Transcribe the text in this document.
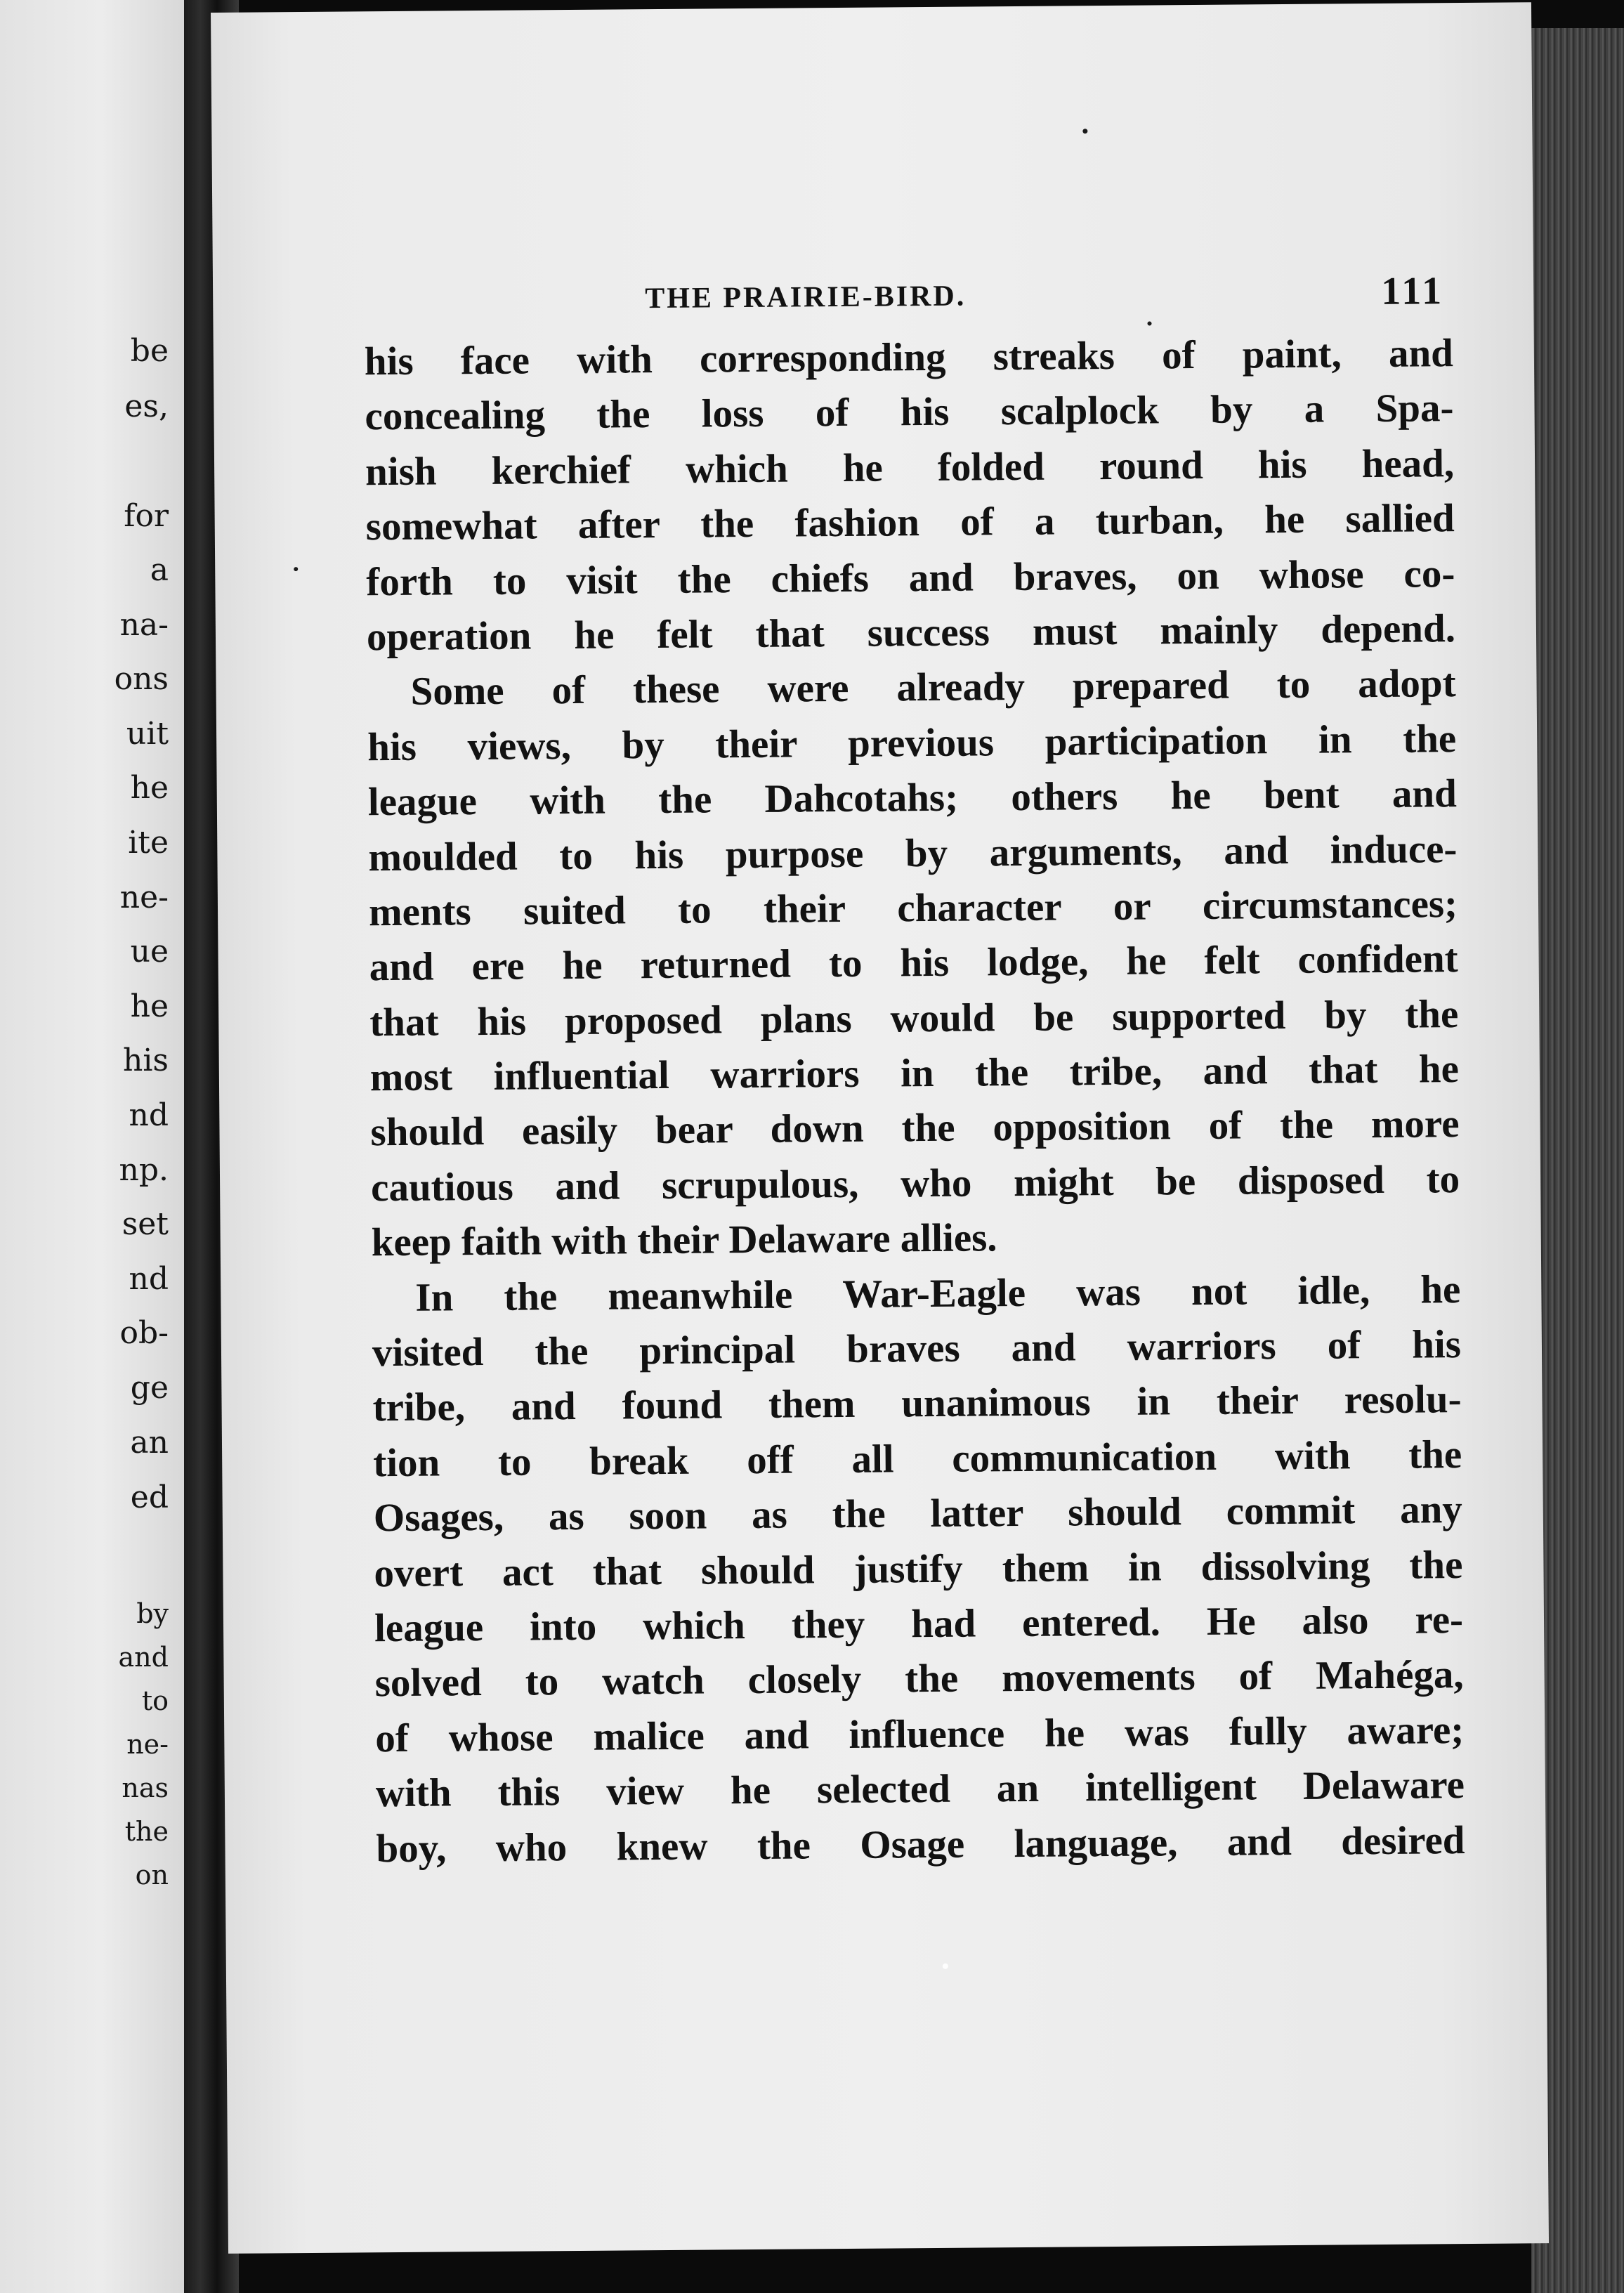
be
es,
for
a
na-
ons
uit
he
ite
ne-
ue
he
his
nd
np.
set
nd
ob-
ge
an
ed
by
and
to
ne-
nas
the
on
THE PRAIRIE-BIRD.	111
his face with corresponding streaks of paint, and
concealing the loss of his scalplock by a Spa-
nish kerchief which he folded round his head,
somewhat after the fashion of a turban, he sallied
forth to visit the chiefs and braves, on whose co-
operation he felt that success must mainly depend.
Some of these were already prepared to adopt
his views, by their previous participation in the
league with the Dahcotahs; others he bent and
moulded to his purpose by arguments, and induce-
ments suited to their character or circumstances;
and ere he returned to his lodge, he felt confident
that his proposed plans would be supported by the
most influential warriors in the tribe, and that he
should easily bear down the opposition of the more
cautious and scrupulous, who might be disposed to
keep faith with their Delaware allies.
In the meanwhile War-Eagle was not idle, he
visited the principal braves and warriors of his
tribe, and found them unanimous in their resolu-
tion to break off all communication with the
Osages, as soon as the latter should commit any
overt act that should justify them in dissolving the
league into which they had entered. He also re-
solved to watch closely the movements of Mahéga,
of whose malice and influence he was fully aware;
with this view he selected an intelligent Delaware
boy, who knew the Osage language, and desired
